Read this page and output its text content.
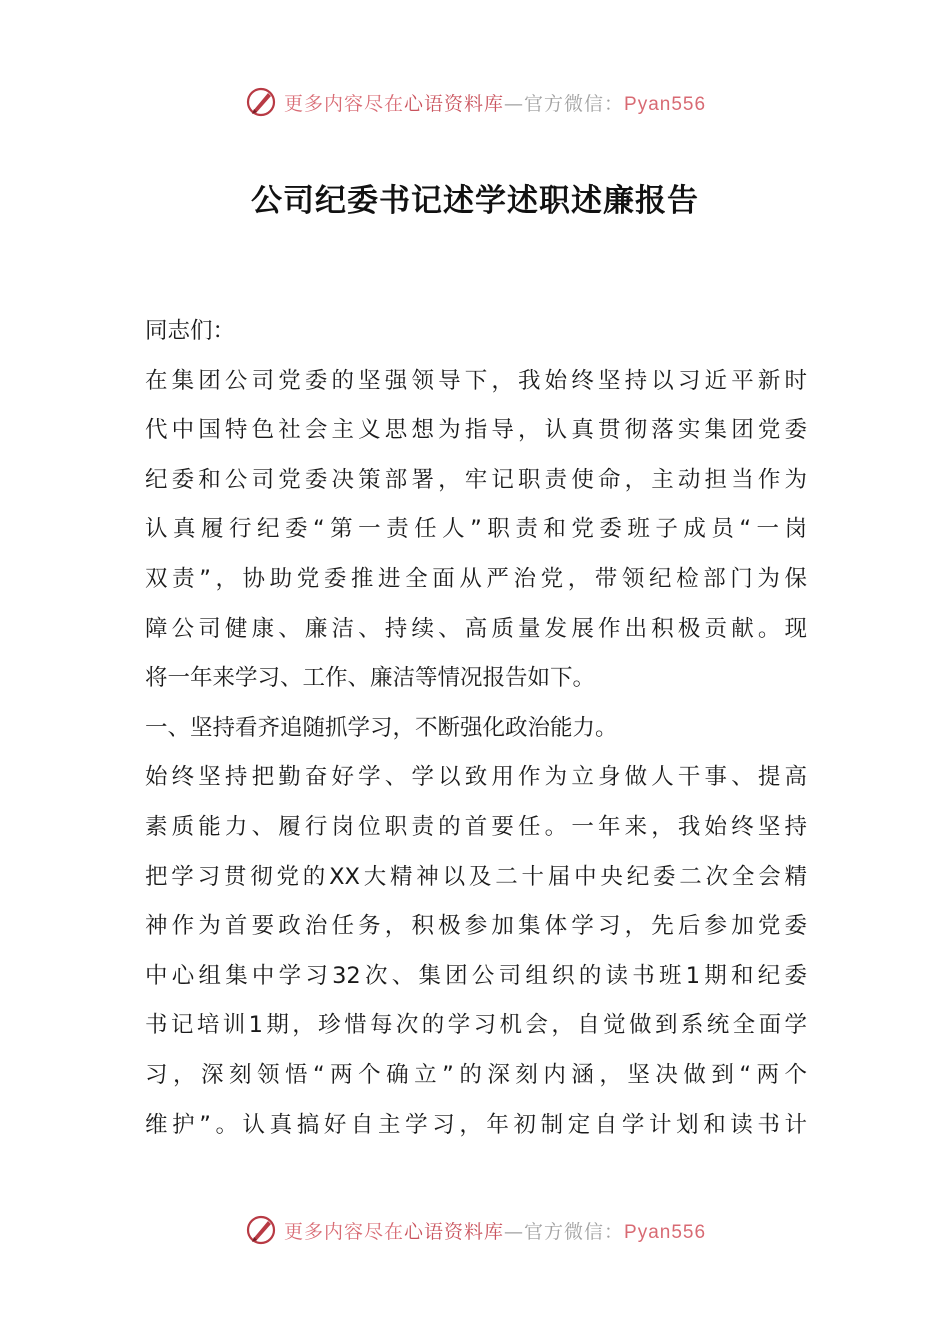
更多内容尽在心语资料库—官方微信：Pyan556
公司纪委书记述学述职述廉报告
同志们：
在集团公司党委的坚强领导下，我始终坚持以习近平新时
代中国特色社会主义思想为指导，认真贯彻落实集团党委
纪委和公司党委决策部署，牢记职责使命，主动担当作为
认真履行纪委“第一责任人”职责和党委班子成员“一岗
双责”，协助党委推进全面从严治党，带领纪检部门为保
障公司健康、廉洁、持续、高质量发展作出积极贡献。现
将一年来学习、工作、廉洁等情况报告如下。
一、坚持看齐追随抓学习，不断强化政治能力。
始终坚持把勤奋好学、学以致用作为立身做人干事、提高
素质能力、履行岗位职责的首要任。一年来，我始终坚持
把学习贯彻党的XX大精神以及二十届中央纪委二次全会精
神作为首要政治任务，积极参加集体学习，先后参加党委
中心组集中学习32次、集团公司组织的读书班1期和纪委
书记培训1期，珍惜每次的学习机会，自觉做到系统全面学
习，深刻领悟“两个确立”的深刻内涵，坚决做到“两个
维护”。认真搞好自主学习，年初制定自学计划和读书计
更多内容尽在心语资料库—官方微信：Pyan556
